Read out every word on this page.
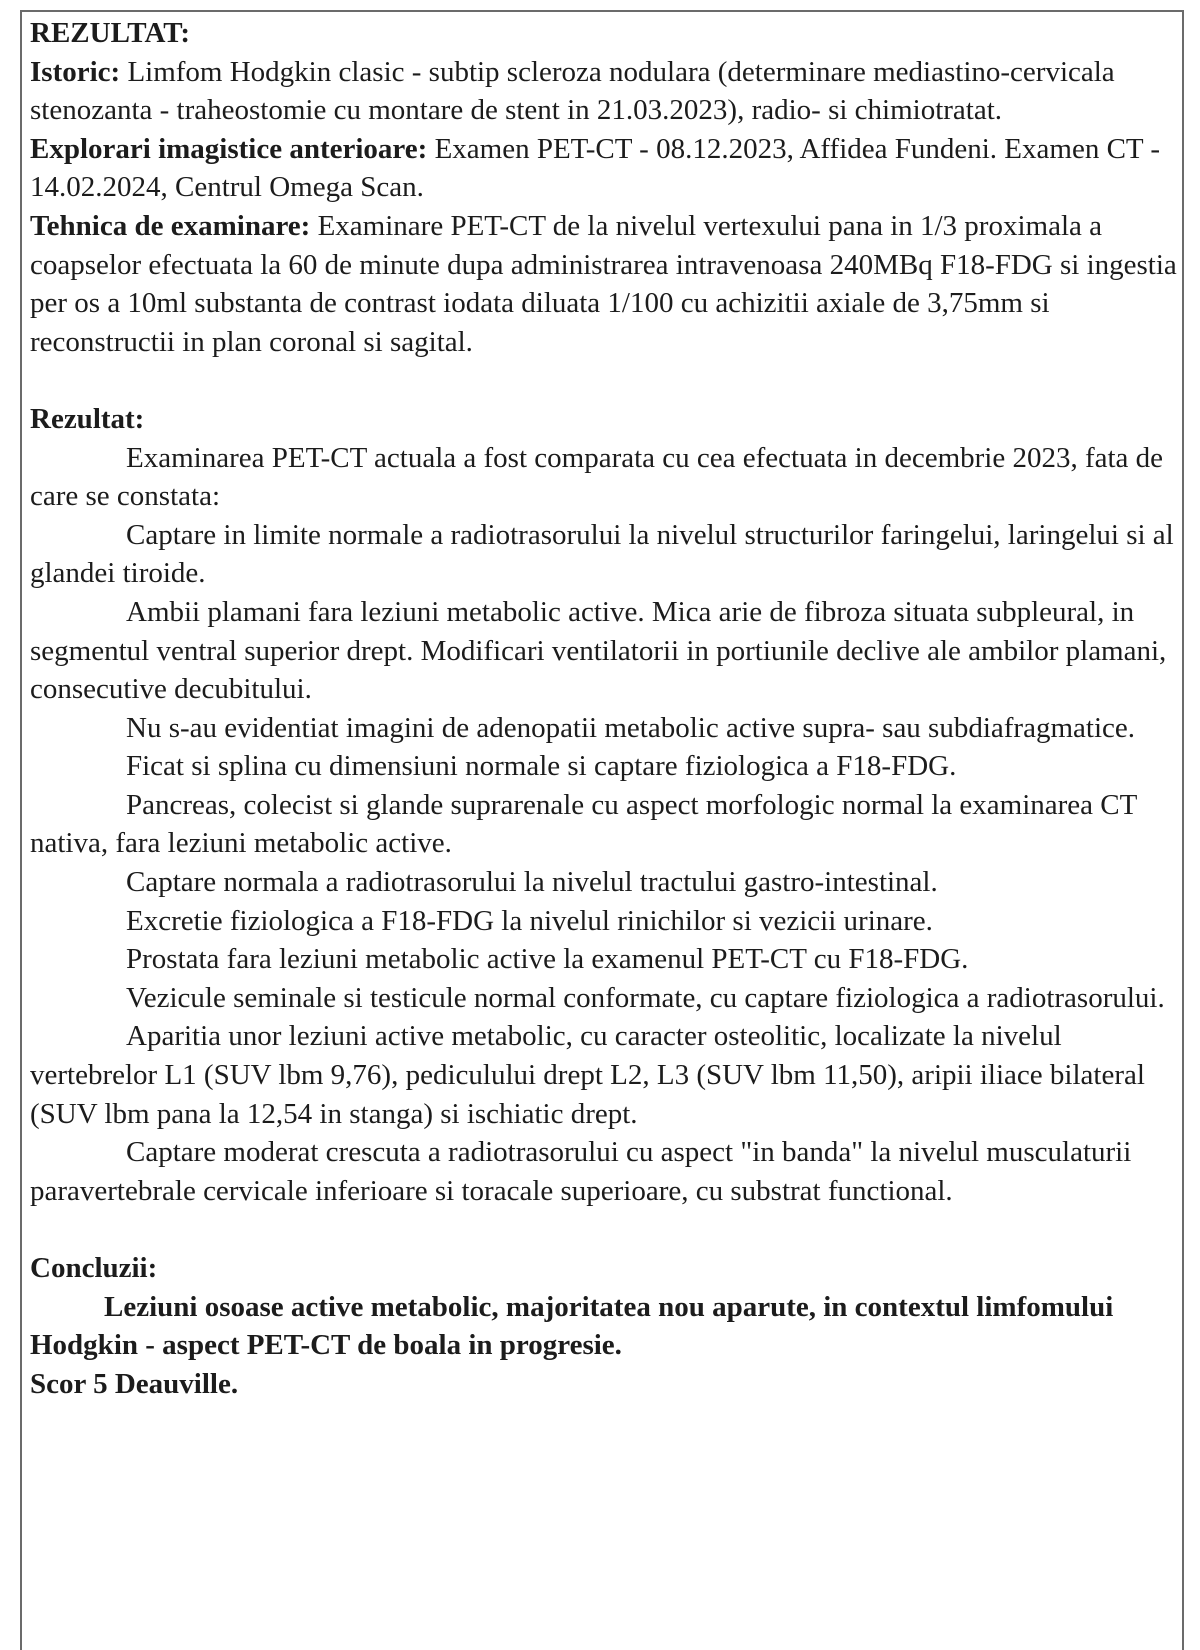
REZULTAT:

Istoric: Limfom Hodgkin clasic - subtip scleroza nodulara (determinare mediastino-cervicala stenozanta - traheostomie cu montare de stent in 21.03.2023), radio- si chimiotratat.

Explorari imagistice anterioare: Examen PET-CT - 08.12.2023, Affidea Fundeni. Examen CT - 14.02.2024, Centrul Omega Scan.

Tehnica de examinare: Examinare PET-CT de la nivelul vertexului pana in 1/3 proximala a coapselor efectuata la 60 de minute dupa administrarea intravenoasa 240MBq F18-FDG si ingestia per os a 10ml substanta de contrast iodata diluata 1/100 cu achizitii axiale de 3,75mm si reconstructii in plan coronal si sagital.

Rezultat:

Examinarea PET-CT actuala a fost comparata cu cea efectuata in decembrie 2023, fata de care se constata:

Captare in limite normale a radiotrasorului la nivelul structurilor faringelui, laringelui si al glandei tiroide.

Ambii plamani fara leziuni metabolic active. Mica arie de fibroza situata subpleural, in segmentul ventral superior drept. Modificari ventilatorii in portiunile declive ale ambilor plamani, consecutive decubitului.

Nu s-au evidentiat imagini de adenopatii metabolic active supra- sau subdiafragmatice.

Ficat si splina cu dimensiuni normale si captare fiziologica a F18-FDG.

Pancreas, colecist si glande suprarenale cu aspect morfologic normal la examinarea CT nativa, fara leziuni metabolic active.

Captare normala a radiotrasorului la nivelul tractului gastro-intestinal.

Excretie fiziologica a F18-FDG la nivelul rinichilor si vezicii urinare.

Prostata fara leziuni metabolic active la examenul PET-CT cu F18-FDG.

Vezicule seminale si testicule normal conformate, cu captare fiziologica a radiotrasorului.

Aparitia unor leziuni active metabolic, cu caracter osteolitic, localizate la nivelul vertebrelor L1 (SUV lbm 9,76), pediculului drept L2, L3 (SUV lbm 11,50), aripii iliace bilateral (SUV lbm pana la 12,54 in stanga) si ischiatic drept.

Captare moderat crescuta a radiotrasorului cu aspect "in banda" la nivelul musculaturii paravertebrale cervicale inferioare si toracale superioare, cu substrat functional.

Concluzii:

Leziuni osoase active metabolic, majoritatea nou aparute, in contextul limfomului Hodgkin - aspect PET-CT de boala in progresie.

Scor 5 Deauville.
